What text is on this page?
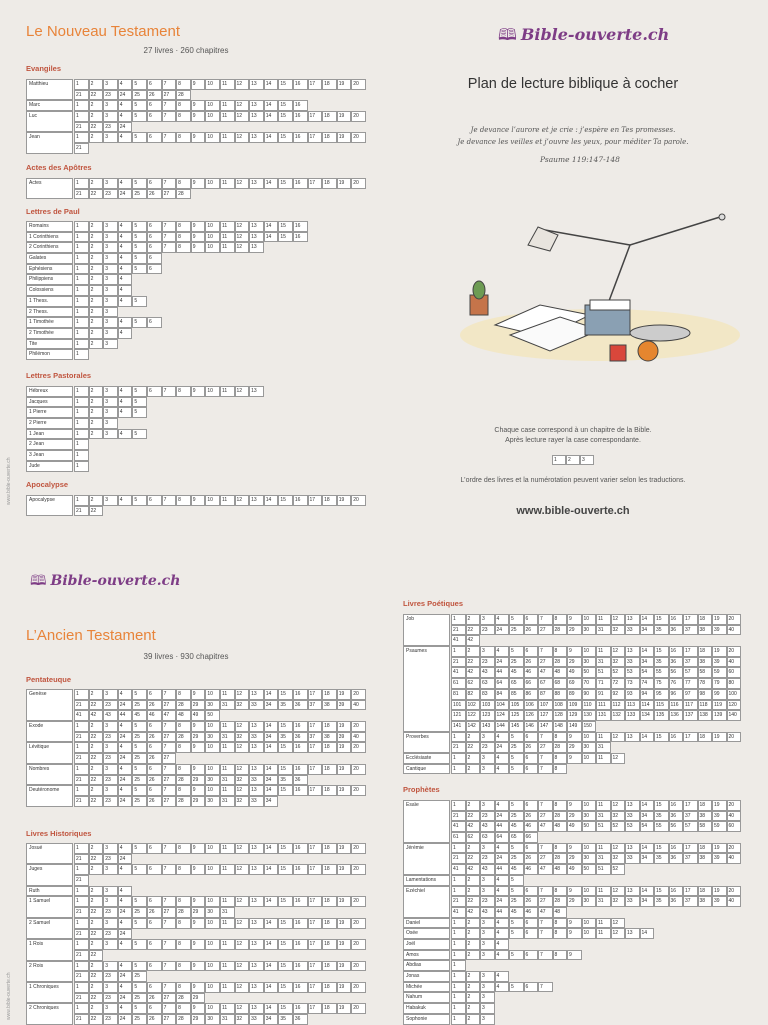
Le Nouveau Testament
27 livres · 260 chapitres
Evangiles
Matthieu	1	2	3	4	5	6	7	8	9	10	11	12	13	14	15	16	17	18	19	20
21	22	23	24	25	26	27	28
Marc	1	2	3	4	5	6	7	8	9	10	11	12	13	14	15	16
Luc	1	2	3	4	5	6	7	8	9	10	11	12	13	14	15	16	17	18	19	20
21	22	23	24
Jean	1	2	3	4	5	6	7	8	9	10	11	12	13	14	15	16	17	18	19	20
21
Actes des Apôtres
Actes	1	2	3	4	5	6	7	8	9	10	11	12	13	14	15	16	17	18	19	20
21	22	23	24	25	26	27	28
Lettres de Paul
Romains	1	2	3	4	5	6	7	8	9	10	11	12	13	14	15	16
1 Corinthiens	1	2	3	4	5	6	7	8	9	10	11	12	13	14	15	16
2 Corinthiens	1	2	3	4	5	6	7	8	9	10	11	12	13
Galates	1	2	3	4	5	6
Ephésiens	1	2	3	4	5	6
Philippiens	1	2	3	4
Colossiens	1	2	3	4
1 Thess.	1	2	3	4	5
2 Thess.	1	2	3
1 Timothée	1	2	3	4	5	6
2 Timothée	1	2	3	4
Tite	1	2	3
Philémon	1
Lettres Pastorales
Hébreux	1	2	3	4	5	6	7	8	9	10	11	12	13
Jacques	1	2	3	4	5
1 Pierre	1	2	3	4	5
2 Pierre	1	2	3
1 Jean	1	2	3	4	5
2 Jean	1
3 Jean	1
Jude	1
Apocalypse
Apocalypse	1	2	3	4	5	6	7	8	9	10	11	12	13	14	15	16	17	18	19	20
21	22
www.bible-ouverte.ch
🕮 Bible-ouverte.ch
Plan de lecture biblique à cocher
Je devance l’aurore et je crie : j’espère en Tes promesses.
Je devance les veilles et j’ouvre les yeux, pour méditer Ta parole.
Psaume 119:147-148
Chaque case correspond à un chapitre de la Bible.
Après lecture rayer la case correspondante.
1	2	3
L’ordre des livres et la numérotation peuvent varier selon les traductions.
www.bible-ouverte.ch
🕮 Bible-ouverte.ch
L’Ancien Testament
39 livres · 930 chapitres
Pentateuque
Genèse	1	2	3	4	5	6	7	8	9	10	11	12	13	14	15	16	17	18	19	20
21	22	23	24	25	26	27	28	29	30	31	32	33	34	35	36	37	38	39	40
41	42	43	44	45	46	47	48	49	50
Exode	1	2	3	4	5	6	7	8	9	10	11	12	13	14	15	16	17	18	19	20
21	22	23	24	25	26	27	28	29	30	31	32	33	34	35	36	37	38	39	40
Lévitique	1	2	3	4	5	6	7	8	9	10	11	12	13	14	15	16	17	18	19	20
21	22	23	24	25	26	27
Nombres	1	2	3	4	5	6	7	8	9	10	11	12	13	14	15	16	17	18	19	20
21	22	23	24	25	26	27	28	29	30	31	32	33	34	35	36
Deutéronome	1	2	3	4	5	6	7	8	9	10	11	12	13	14	15	16	17	18	19	20
21	22	23	24	25	26	27	28	29	30	31	32	33	34
Livres Historiques
Josué	1	2	3	4	5	6	7	8	9	10	11	12	13	14	15	16	17	18	19	20
21	22	23	24
Juges	1	2	3	4	5	6	7	8	9	10	11	12	13	14	15	16	17	18	19	20
21
Ruth	1	2	3	4
1 Samuel	1	2	3	4	5	6	7	8	9	10	11	12	13	14	15	16	17	18	19	20
21	22	23	24	25	26	27	28	29	30	31
2 Samuel	1	2	3	4	5	6	7	8	9	10	11	12	13	14	15	16	17	18	19	20
21	22	23	24
1 Rois	1	2	3	4	5	6	7	8	9	10	11	12	13	14	15	16	17	18	19	20
21	22
2 Rois	1	2	3	4	5	6	7	8	9	10	11	12	13	14	15	16	17	18	19	20
21	22	23	24	25
1 Chroniques	1	2	3	4	5	6	7	8	9	10	11	12	13	14	15	16	17	18	19	20
21	22	23	24	25	26	27	28	29
2 Chroniques	1	2	3	4	5	6	7	8	9	10	11	12	13	14	15	16	17	18	19	20
21	22	23	24	25	26	27	28	29	30	31	32	33	34	35	36
Livres Poétiques
Job	1	2	3	4	5	6	7	8	9	10	11	12	13	14	15	16	17	18	19	20
21	22	23	24	25	26	27	28	29	30	31	32	33	34	35	36	37	38	39	40
41	42
Psaumes	1	2	3	4	5	6	7	8	9	10	11	12	13	14	15	16	17	18	19	20
21	22	23	24	25	26	27	28	29	30	31	32	33	34	35	36	37	38	39	40
41	42	43	44	45	46	47	48	49	50	51	52	53	54	55	56	57	58	59	60
61	62	63	64	65	66	67	68	69	70	71	72	73	74	75	76	77	78	79	80
81	82	83	84	85	86	87	88	89	90	91	92	93	94	95	96	97	98	99	100
101	102	103	104	105	106	107	108	109	110	111	112	113	114	115	116	117	118	119	120
121	122	123	124	125	126	127	128	129	130	131	132	133	134	135	136	137	138	139	140
141	142	143	144	145	146	147	148	149	150
Proverbes	1	2	3	4	5	6	7	8	9	10	11	12	13	14	15	16	17	18	19	20
21	22	23	24	25	26	27	28	29	30	31
Ecclésiaste	1	2	3	4	5	6	7	8	9	10	11	12
Cantique	1	2	3	4	5	6	7	8
Prophètes
Esaïe	1	2	3	4	5	6	7	8	9	10	11	12	13	14	15	16	17	18	19	20
21	22	23	24	25	26	27	28	29	30	31	32	33	34	35	36	37	38	39	40
41	42	43	44	45	46	47	48	49	50	51	52	53	54	55	56	57	58	59	60
61	62	63	64	65	66
Jérémie	1	2	3	4	5	6	7	8	9	10	11	12	13	14	15	16	17	18	19	20
21	22	23	24	25	26	27	28	29	30	31	32	33	34	35	36	37	38	39	40
41	42	43	44	45	46	47	48	49	50	51	52
Lamentations	1	2	3	4	5
Ezéchiel	1	2	3	4	5	6	7	8	9	10	11	12	13	14	15	16	17	18	19	20
21	22	23	24	25	26	27	28	29	30	31	32	33	34	35	36	37	38	39	40
41	42	43	44	45	46	47	48
Daniel	1	2	3	4	5	6	7	8	9	10	11	12
Osée	1	2	3	4	5	6	7	8	9	10	11	12	13	14
Joël	1	2	3	4
Amos	1	2	3	4	5	6	7	8	9
Abdias	1
Jonas	1	2	3	4
Michée	1	2	3	4	5	6	7
Nahum	1	2	3
Habakuk	1	2	3
Sophonie	1	2	3
www.bible-ouverte.ch
